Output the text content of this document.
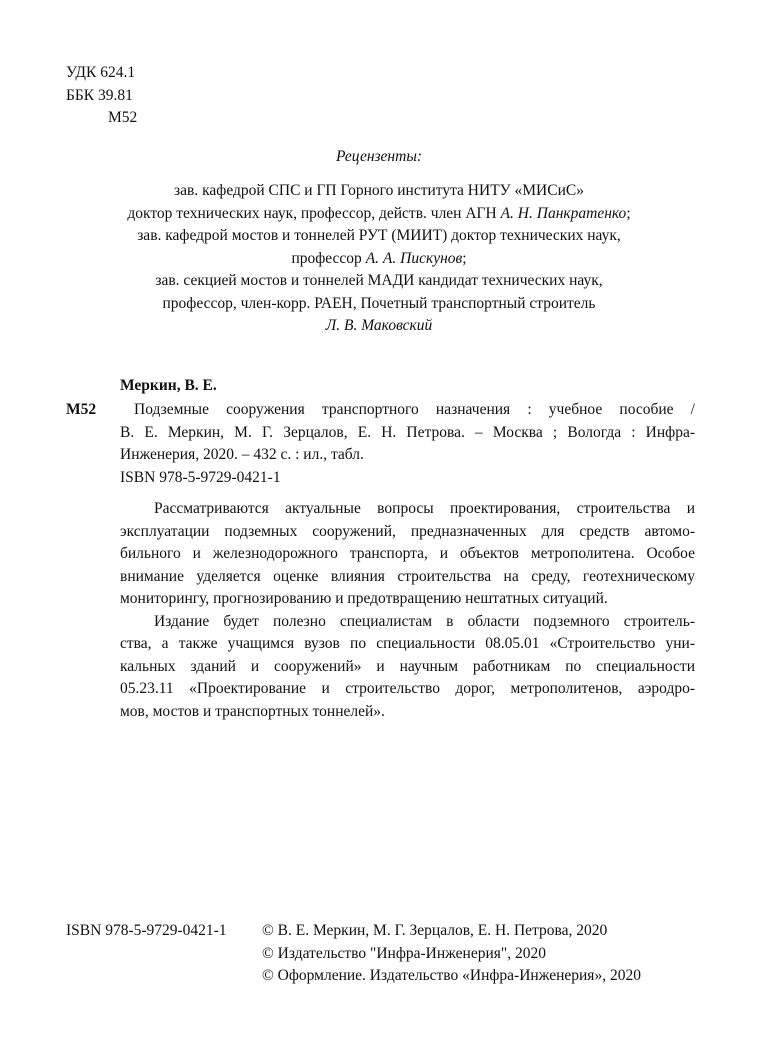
УДК 624.1
ББК 39.81
М52
Рецензенты:
зав. кафедрой СПС и ГП Горного института НИТУ «МИСиС»
доктор технических наук, профессор, действ. член АГН А. Н. Панкратенко;
зав. кафедрой мостов и тоннелей РУТ (МИИТ) доктор технических наук,
профессор А. А. Пискунов;
зав. секцией мостов и тоннелей МАДИ кандидат технических наук,
профессор, член-корр. РАЕН, Почетный транспортный строитель
Л. В. Маковский
Меркин, В. Е.
М52	Подземные сооружения транспортного назначения : учебное пособие /
В. Е. Меркин, М. Г. Зерцалов, Е. Н. Петрова. – Москва ; Вологда : Инфра-
Инженерия, 2020. – 432 с. : ил., табл.
ISBN 978-5-9729-0421-1
Рассматриваются актуальные вопросы проектирования, строительства и
эксплуатации подземных сооружений, предназначенных для средств автомо-
бильного и железнодорожного транспорта, и объектов метрополитена. Особое
внимание уделяется оценке влияния строительства на среду, геотехническому
мониторингу, прогнозированию и предотвращению нештатных ситуаций.
Издание будет полезно специалистам в области подземного строитель-
ства, а также учащимся вузов по специальности 08.05.01 «Строительство уни-
кальных зданий и сооружений» и научным работникам по специальности
05.23.11 «Проектирование и строительство дорог, метрополитенов, аэродро-
мов, мостов и транспортных тоннелей».
ISBN 978-5-9729-0421-1 © В. Е. Меркин, М. Г. Зерцалов, Е. Н. Петрова, 2020
© Издательство "Инфра-Инженерия", 2020
© Оформление. Издательство «Инфра-Инженерия», 2020
